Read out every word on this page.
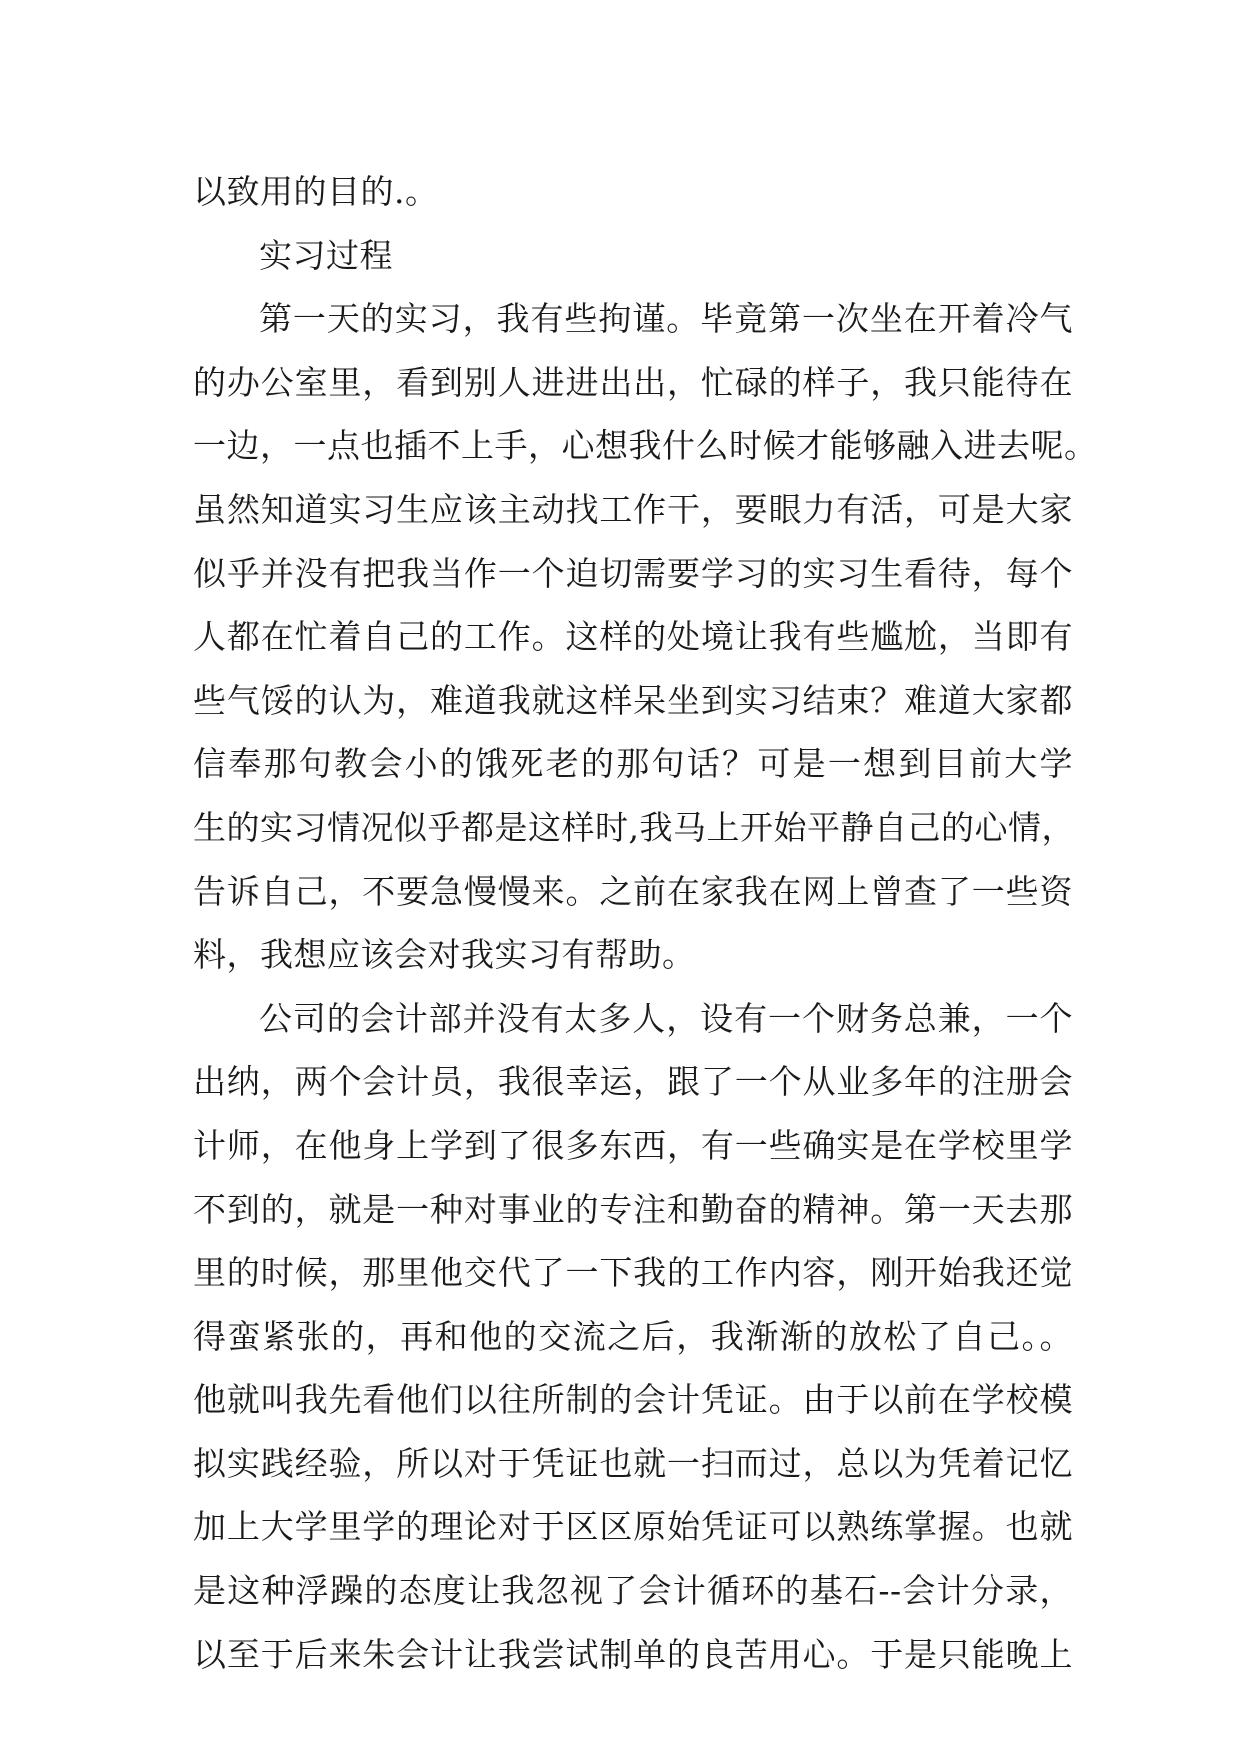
以致用的目的.。
实习过程
第一天的实习，我有些拘谨。毕竟第一次坐在开着冷气
的办公室里，看到别人进进出出，忙碌的样子，我只能待在
一边，一点也插不上手，心想我什么时候才能够融入进去呢。
虽然知道实习生应该主动找工作干，要眼力有活，可是大家
似乎并没有把我当作一个迫切需要学习的实习生看待，每个
人都在忙着自己的工作。这样的处境让我有些尴尬，当即有
些气馁的认为，难道我就这样呆坐到实习结束？难道大家都
信奉那句教会小的饿死老的那句话？可是一想到目前大学
生的实习情况似乎都是这样时,我马上开始平静自己的心情，
告诉自己，不要急慢慢来。之前在家我在网上曾查了一些资
料，我想应该会对我实习有帮助。
公司的会计部并没有太多人，设有一个财务总兼，一个
出纳，两个会计员，我很幸运，跟了一个从业多年的注册会
计师，在他身上学到了很多东西，有一些确实是在学校里学
不到的，就是一种对事业的专注和勤奋的精神。第一天去那
里的时候，那里他交代了一下我的工作内容，刚开始我还觉
得蛮紧张的，再和他的交流之后，我渐渐的放松了自己。。
他就叫我先看他们以往所制的会计凭证。由于以前在学校模
拟实践经验，所以对于凭证也就一扫而过，总以为凭着记忆
加上大学里学的理论对于区区原始凭证可以熟练掌握。也就
是这种浮躁的态度让我忽视了会计循环的基石--会计分录，
以至于后来朱会计让我尝试制单的良苦用心。于是只能晚上
